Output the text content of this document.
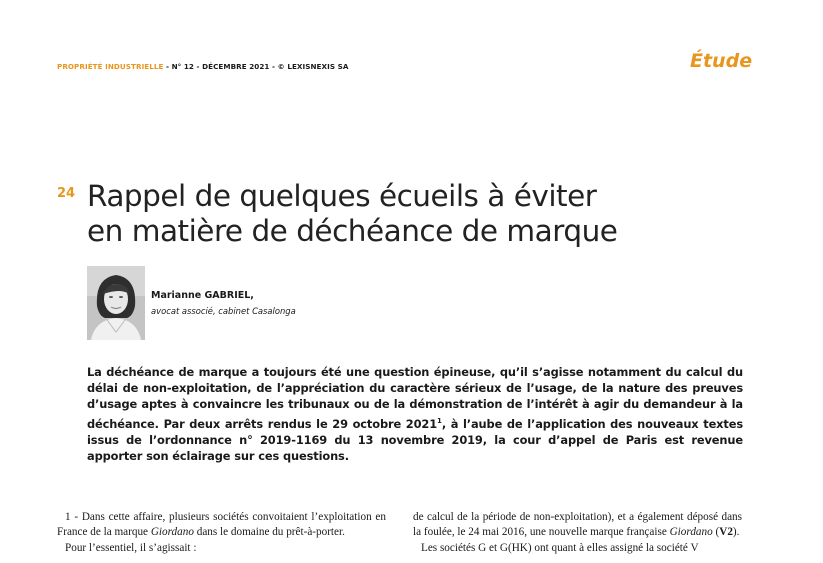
PROPRIÉTÉ INDUSTRIELLE - N° 12 - DÉCEMBRE 2021 - © LEXISNEXIS SA	Étude
24 Rappel de quelques écueils à éviter
en matière de déchéance de marque
Marianne GABRIEL,
avocat associé, cabinet Casalonga
La déchéance de marque a toujours été une question épineuse, qu’il s’agisse notamment du calcul du délai de non-exploitation, de l’appréciation du caractère sérieux de l’usage, de la nature des preuves d’usage aptes à convaincre les tribunaux ou de la démonstration de l’intérêt à agir du demandeur à la déchéance. Par deux arrêts rendus le 29 octobre 2021$^1$, à l’aube de l’application des nouveaux textes issus de l’ordonnance n° 2019-1169 du 13 novembre 2019, la cour d’appel de Paris est revenue apporter son éclairage sur ces questions.

1 - Dans cette affaire, plusieurs sociétés convoitaient l’exploitation en France de la marque Giordano dans le domaine du prêt-à-porter.

Pour l’essentiel, il s’agissait :

de calcul de la période de non-exploitation), et a également déposé dans la foulée, le 24 mai 2016, une nouvelle marque française Giordano (V2).

Les sociétés G et G(HK) ont quant à elles assigné la société V
